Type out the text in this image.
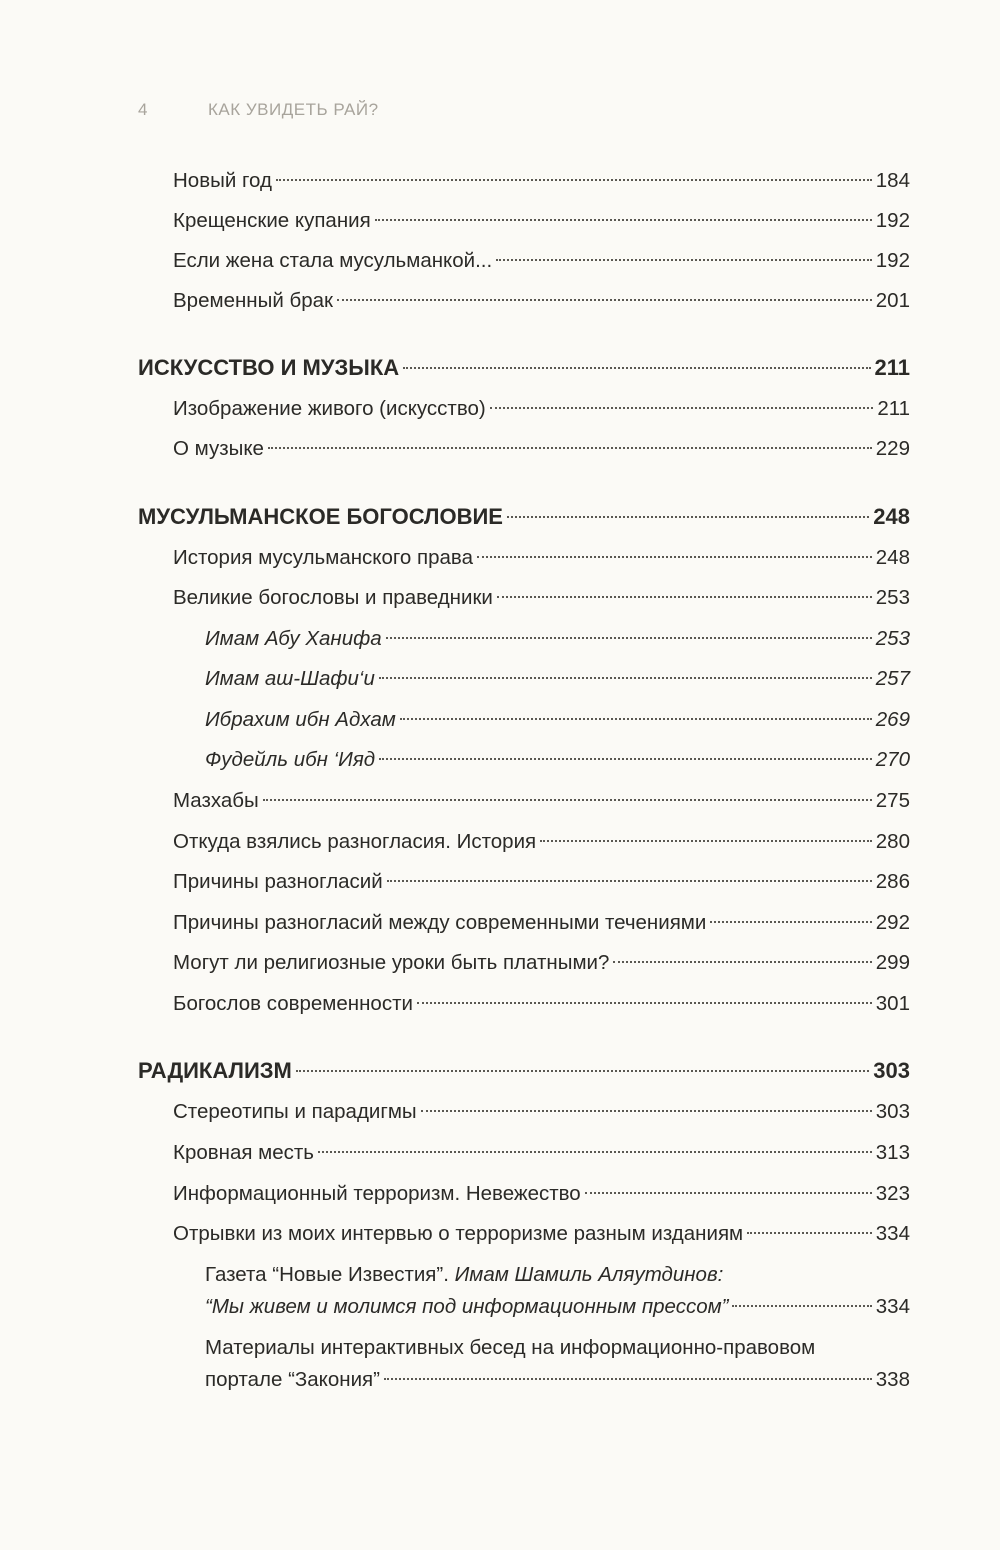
4	КАК УВИДЕТЬ РАЙ?
Новый год	184
Крещенские купания	192
Если жена стала мусульманкой...	192
Временный брак	201
ИСКУССТВО И МУЗЫКА	211
Изображение живого (искусство)	211
О музыке	229
МУСУЛЬМАНСКОЕ БОГОСЛОВИЕ	248
История мусульманского права	248
Великие богословы и праведники	253
Имам Абу Ханифа	253
Имам аш-Шафи‘и	257
Ибрахим ибн Адхам	269
Фудейль ибн ‘Ияд	270
Мазхабы	275
Откуда взялись разногласия. История	280
Причины разногласий	286
Причины разногласий между современными течениями	292
Могут ли религиозные уроки быть платными?	299
Богослов современности	301
РАДИКАЛИЗМ	303
Стереотипы и парадигмы	303
Кровная месть	313
Информационный терроризм. Невежество	323
Отрывки из моих интервью о терроризме разным изданиям	334
Газета “Новые Известия”. Имам Шамиль Аляутдинов:
“Мы живем и молимся под информационным прессом”	334
Материалы интерактивных бесед на информационно-правовом
портале “Закония”	338
